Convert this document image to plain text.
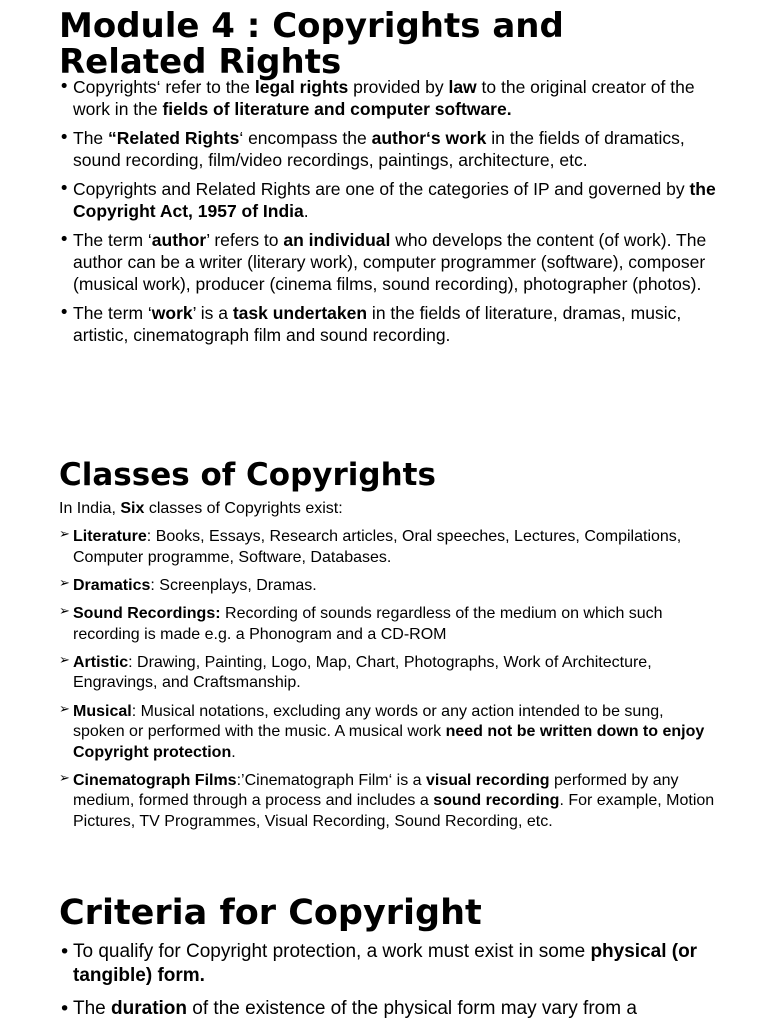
Module 4 : Copyrights and Related Rights
• Copyrights‘ refer to the legal rights provided by law to the original creator of the work in the fields of literature and computer software.
• The “Related Rights‘ encompass the author‘s work in the fields of dramatics, sound recording, film/video recordings, paintings, architecture, etc.
• Copyrights and Related Rights are one of the categories of IP and governed by the Copyright Act, 1957 of India.
• The term ‘author’ refers to an individual who develops the content (of work). The author can be a writer (literary work), computer programmer (software), composer (musical work), producer (cinema films, sound recording), photographer (photos).
• The term ‘work’ is a task undertaken in the fields of literature, dramas, music, artistic, cinematograph film and sound recording.
Classes of Copyrights

In India, Six classes of Copyrights exist:

➢ Literature: Books, Essays, Research articles, Oral speeches, Lectures, Compilations, Computer programme, Software, Databases.
➢ Dramatics: Screenplays, Dramas.
➢ Sound Recordings: Recording of sounds regardless of the medium on which such recording is made e.g. a Phonogram and a CD-ROM
➢ Artistic: Drawing, Painting, Logo, Map, Chart, Photographs, Work of Architecture, Engravings, and Craftsmanship.
➢ Musical: Musical notations, excluding any words or any action intended to be sung, spoken or performed with the music. A musical work need not be written down to enjoy Copyright protection.
➢ Cinematograph Films:’Cinematograph Film‘ is a visual recording performed by any medium, formed through a process and includes a sound recording. For example, Motion Pictures, TV Programmes, Visual Recording, Sound Recording, etc.
Criteria for Copyright
• To qualify for Copyright protection, a work must exist in some physical (or tangible) form.
• The duration of the existence of the physical form may vary from a
